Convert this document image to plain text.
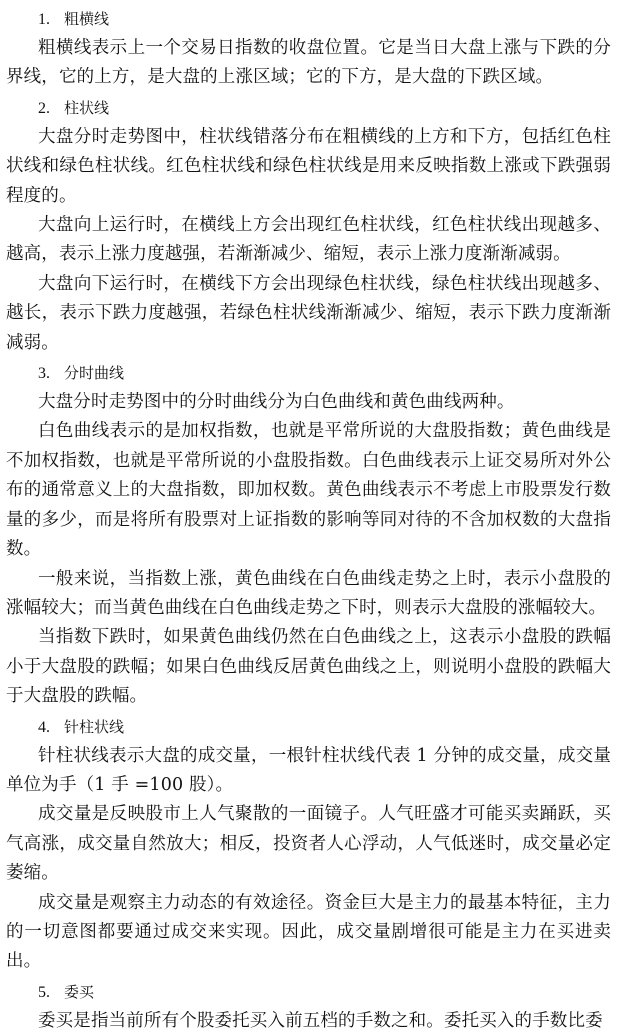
1. 粗横线

粗横线表示上一个交易日指数的收盘位置。它是当日大盘上涨与下跌的分界线，它的上方，是大盘的上涨区域；它的下方，是大盘的下跌区域。

2. 柱状线

大盘分时走势图中，柱状线错落分布在粗横线的上方和下方，包括红色柱状线和绿色柱状线。红色柱状线和绿色柱状线是用来反映指数上涨或下跌强弱程度的。

大盘向上运行时，在横线上方会出现红色柱状线，红色柱状线出现越多、越高，表示上涨力度越强，若渐渐减少、缩短，表示上涨力度渐渐减弱。

大盘向下运行时，在横线下方会出现绿色柱状线，绿色柱状线出现越多、越长，表示下跌力度越强，若绿色柱状线渐渐减少、缩短，表示下跌力度渐渐减弱。

3. 分时曲线

大盘分时走势图中的分时曲线分为白色曲线和黄色曲线两种。

白色曲线表示的是加权指数，也就是平常所说的大盘股指数；黄色曲线是不加权指数，也就是平常所说的小盘股指数。白色曲线表示上证交易所对外公布的通常意义上的大盘指数，即加权数。黄色曲线表示不考虑上市股票发行数量的多少，而是将所有股票对上证指数的影响等同对待的不含加权数的大盘指数。

一般来说，当指数上涨，黄色曲线在白色曲线走势之上时，表示小盘股的涨幅较大；而当黄色曲线在白色曲线走势之下时，则表示大盘股的涨幅较大。

当指数下跌时，如果黄色曲线仍然在白色曲线之上，这表示小盘股的跌幅小于大盘股的跌幅；如果白色曲线反居黄色曲线之上，则说明小盘股的跌幅大于大盘股的跌幅。

4. 针柱状线

针柱状线表示大盘的成交量，一根针柱状线代表 1 分钟的成交量，成交量单位为手（1 手 =100 股）。

成交量是反映股市上人气聚散的一面镜子。人气旺盛才可能买卖踊跃，买气高涨，成交量自然放大；相反，投资者人心浮动，人气低迷时，成交量必定萎缩。

成交量是观察主力动态的有效途径。资金巨大是主力的最基本特征，主力的一切意图都要通过成交来实现。因此，成交量剧增很可能是主力在买进卖出。

5. 委买

委买是指当前所有个股委托买入前五档的手数之和。委托买入的手数比委
